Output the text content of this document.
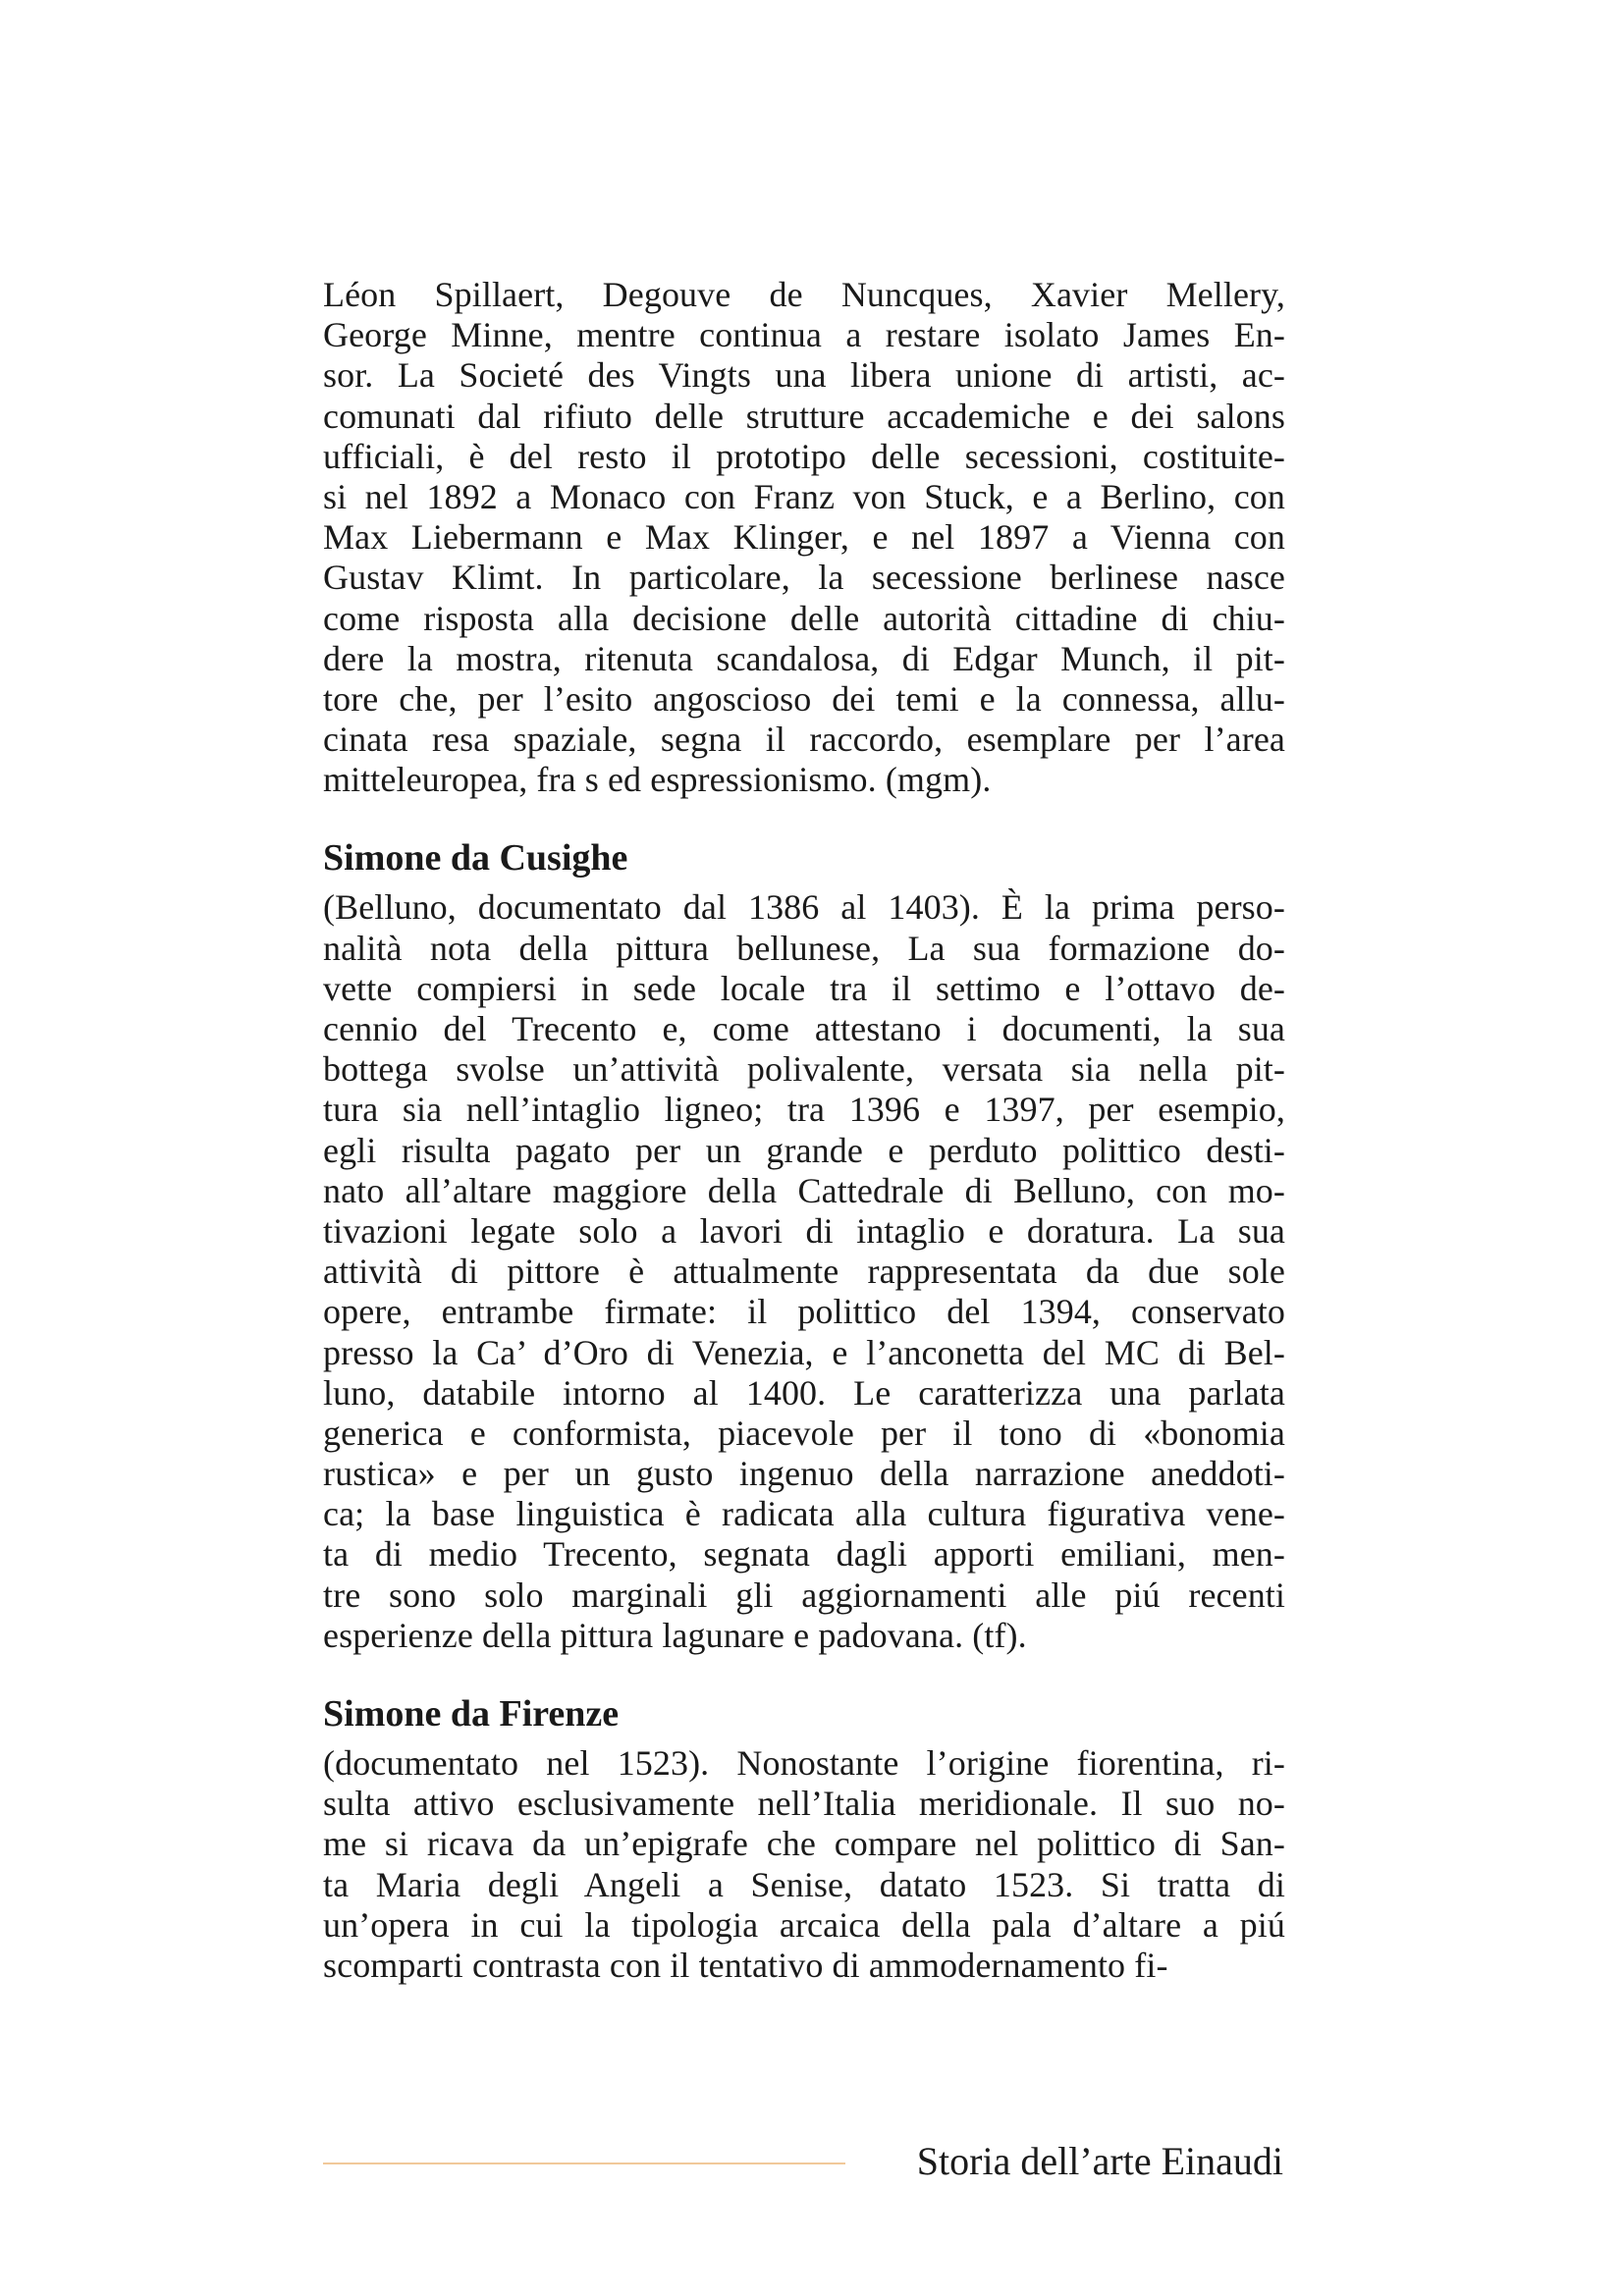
Léon Spillaert, Degouve de Nuncques, Xavier Mellery,
George Minne, mentre continua a restare isolato James En-
sor. La Societé des Vingts una libera unione di artisti, ac-
comunati dal rifiuto delle strutture accademiche e dei salons
ufficiali, è del resto il prototipo delle secessioni, costituite-
si nel 1892 a Monaco con Franz von Stuck, e a Berlino, con
Max Liebermann e Max Klinger, e nel 1897 a Vienna con
Gustav Klimt. In particolare, la secessione berlinese nasce
come risposta alla decisione delle autorità cittadine di chiu-
dere la mostra, ritenuta scandalosa, di Edgar Munch, il pit-
tore che, per l’esito angoscioso dei temi e la connessa, allu-
cinata resa spaziale, segna il raccordo, esemplare per l’area
mitteleuropea, fra s ed espressionismo. (mgm).
Simone da Cusighe
(Belluno, documentato dal 1386 al 1403). È la prima perso-
nalità nota della pittura bellunese, La sua formazione do-
vette compiersi in sede locale tra il settimo e l’ottavo de-
cennio del Trecento e, come attestano i documenti, la sua
bottega svolse un’attività polivalente, versata sia nella pit-
tura sia nell’intaglio ligneo; tra 1396 e 1397, per esempio,
egli risulta pagato per un grande e perduto polittico desti-
nato all’altare maggiore della Cattedrale di Belluno, con mo-
tivazioni legate solo a lavori di intaglio e doratura. La sua
attività di pittore è attualmente rappresentata da due sole
opere, entrambe firmate: il polittico del 1394, conservato
presso la Ca’ d’Oro di Venezia, e l’anconetta del MC di Bel-
luno, databile intorno al 1400. Le caratterizza una parlata
generica e conformista, piacevole per il tono di «bonomia
rustica» e per un gusto ingenuo della narrazione aneddoti-
ca; la base linguistica è radicata alla cultura figurativa vene-
ta di medio Trecento, segnata dagli apporti emiliani, men-
tre sono solo marginali gli aggiornamenti alle piú recenti
esperienze della pittura lagunare e padovana. (tf).
Simone da Firenze
(documentato nel 1523). Nonostante l’origine fiorentina, ri-
sulta attivo esclusivamente nell’Italia meridionale. Il suo no-
me si ricava da un’epigrafe che compare nel polittico di San-
ta Maria degli Angeli a Senise, datato 1523. Si tratta di
un’opera in cui la tipologia arcaica della pala d’altare a piú
scomparti contrasta con il tentativo di ammodernamento fi-
Storia dell’arte Einaudi
